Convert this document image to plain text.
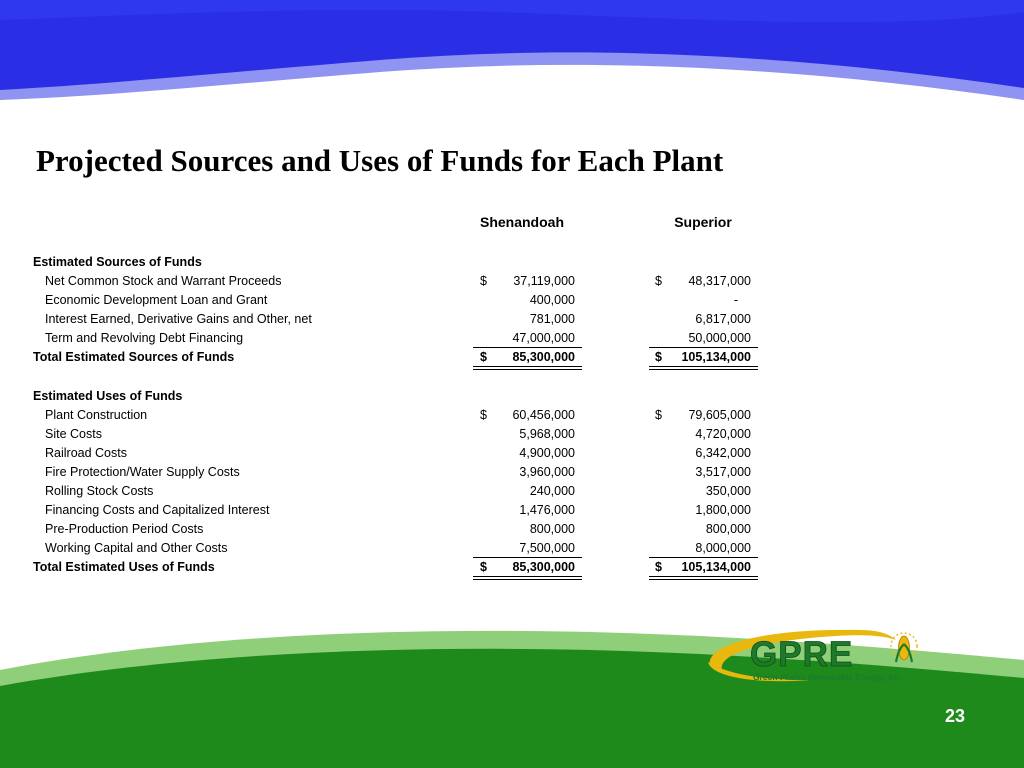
Projected Sources and Uses of Funds for Each Plant
Shenandoah	Superior
Estimated Sources of Funds
Net Common Stock and Warrant Proceeds	$ 37,119,000	$ 48,317,000
Economic Development Loan and Grant	400,000	-
Interest Earned, Derivative Gains and Other, net	781,000	6,817,000
Term and Revolving Debt Financing	47,000,000	50,000,000
Total Estimated Sources of Funds	$ 85,300,000	$ 105,134,000
Estimated Uses of Funds
Plant Construction	$ 60,456,000	$ 79,605,000
Site Costs	5,968,000	4,720,000
Railroad Costs	4,900,000	6,342,000
Fire Protection/Water Supply Costs	3,960,000	3,517,000
Rolling Stock Costs	240,000	350,000
Financing Costs and Capitalized Interest	1,476,000	1,800,000
Pre-Production Period Costs	800,000	800,000
Working Capital and Other Costs	7,500,000	8,000,000
Total Estimated Uses of Funds	$ 85,300,000	$ 105,134,000
GPRE
Green Plains Renewable Energy, Inc.
23
